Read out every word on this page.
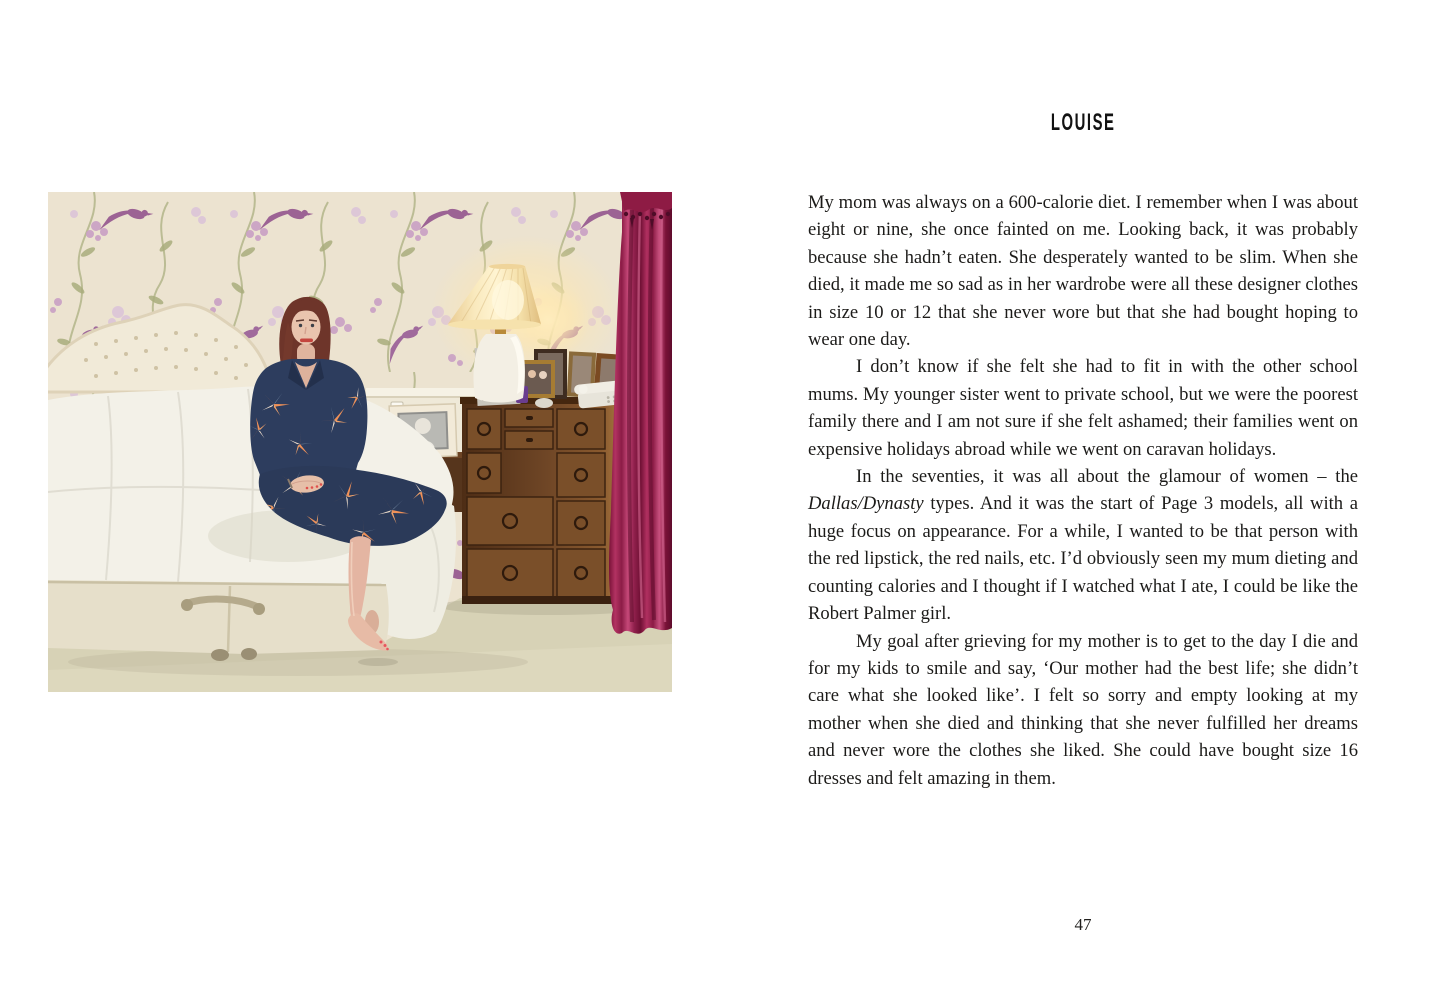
LOUISE

My mom was always on a 600-calorie diet. I remember when I was about eight or nine, she once fainted on me. Looking back, it was probably because she hadn’t eaten. She desperately wanted to be slim. When she died, it made me so sad as in her wardrobe were all these designer clothes in size 10 or 12 that she never wore but that she had bought hoping to wear one day.

I don’t know if she felt she had to fit in with the other school mums. My younger sister went to private school, but we were the poorest family there and I am not sure if she felt ashamed; their families went on expensive holidays abroad while we went on caravan holidays.

In the seventies, it was all about the glamour of women – the Dallas/Dynasty types. And it was the start of Page 3 models, all with a huge focus on appearance. For a while, I wanted to be that person with the red lipstick, the red nails, etc. I’d obviously seen my mum dieting and counting calories and I thought if I watched what I ate, I could be like the Robert Palmer girl.

My goal after grieving for my mother is to get to the day I die and for my kids to smile and say, ‘Our mother had the best life; she didn’t care what she looked like’. I felt so sorry and empty looking at my mother when she died and thinking that she never fulfilled her dreams and never wore the clothes she liked. She could have bought size 16 dresses and felt amazing in them.

47
